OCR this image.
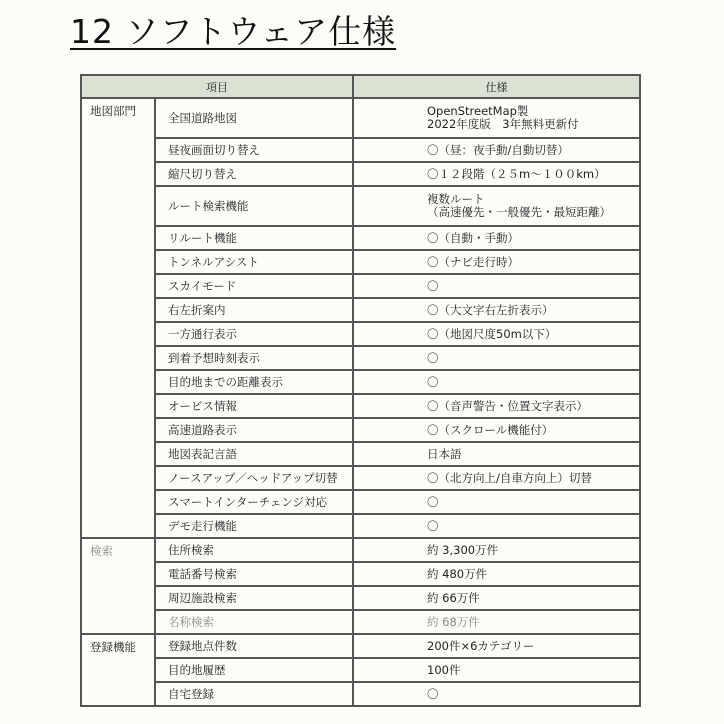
12 ソフトウェア仕様
項目		仕様
地図部門	全国道路地図	OpenStreetMap製
2022年度版　3年無料更新付

	昼夜画面切り替え	〇（昼：夜手動/自動切替）

	縮尺切り替え	〇１２段階（２５m～１００km）

	ルート検索機能	複数ルート
（高速優先・一般優先・最短距離）

	リルート機能	〇（自動・手動）

	トンネルアシスト	〇（ナビ走行時）

	スカイモード	〇

	右左折案内	〇（大文字右左折表示）

	一方通行表示	〇（地図尺度50m以下）

	到着予想時刻表示	〇

	目的地までの距離表示	〇

	オービス情報	〇（音声警告・位置文字表示）

	高速道路表示	〇（スクロール機能付）

	地図表記言語	日本語

	ノースアップ／ヘッドアップ切替	〇（北方向上/自車方向上）切替

	スマートインターチェンジ対応	〇

	デモ走行機能	〇

検索	住所検索	約 3,300万件

	電話番号検索	約 480万件

	周辺施設検索	約 66万件

	名称検索	約 68万件

登録機能	登録地点件数	200件×6カテゴリー

	目的地履歴	100件

	自宅登録	〇
